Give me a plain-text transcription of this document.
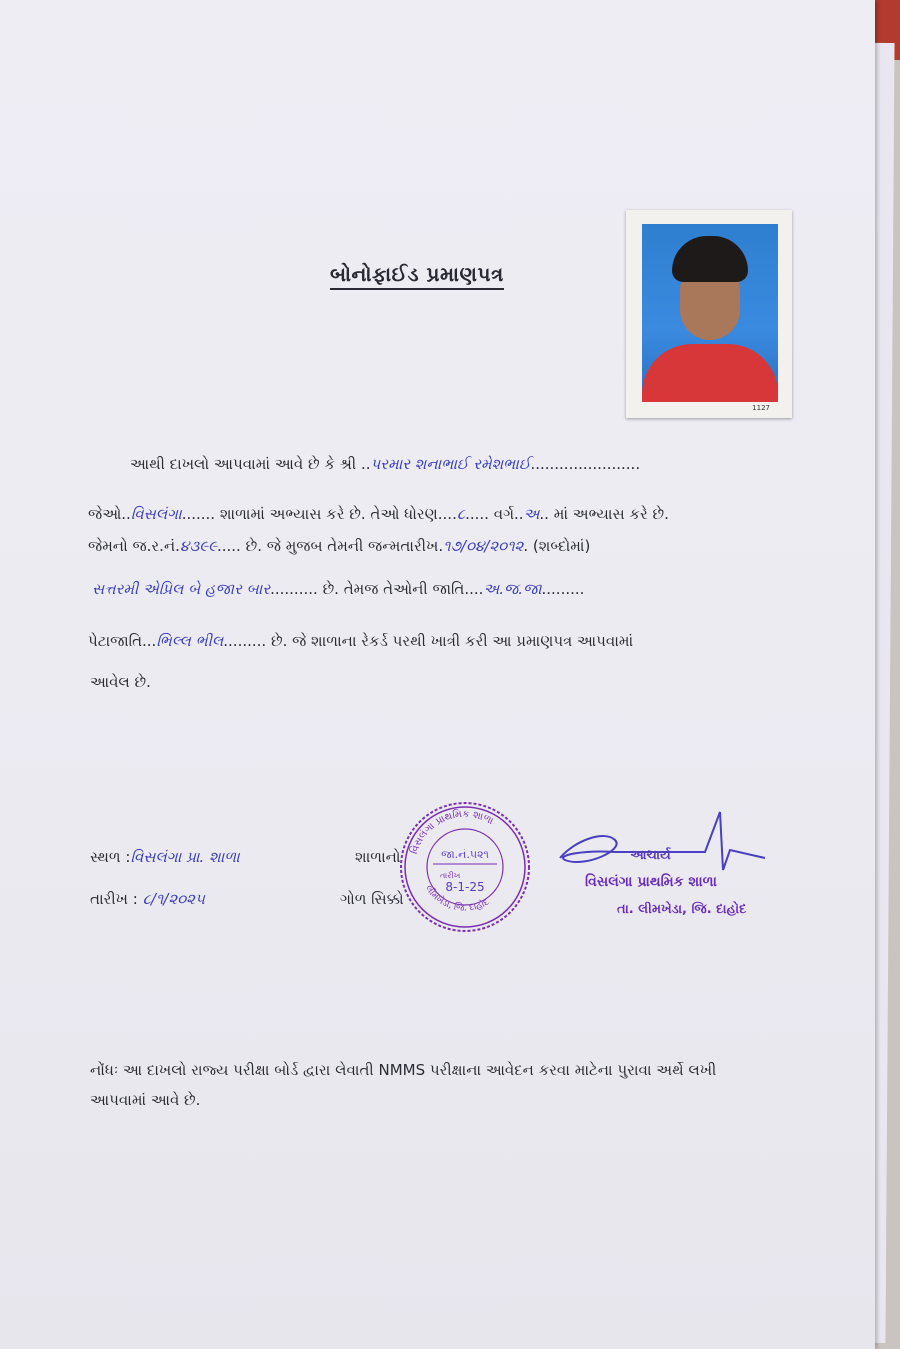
બોનોફાઈડ પ્રમાણપત્ર
1127
આથી દાખલો આપવામાં આવે છે કે શ્રી ..પરમાર શનાભાઈ રમેશભાઈ.......................
જેઓ..વિસલંગા....... શાળામાં અભ્યાસ કરે છે. તેઓ ધોરણ....૮..... વર્ગ..અ.. માં અભ્યાસ કરે છે.
જેમનો જ.ર.નં.૪૩૯૯..... છે. જે મુજબ તેમની જન્મતારીખ.૧૭/૦૪/૨૦૧૨. (શબ્દોમાં)
સત્તરમી એપ્રિલ બે હજાર બાર.......... છે. તેમજ તેઓની જાતિ....અ.જ.જા.........
પેટાજાતિ...ભિલ્લ ભીલ......... છે. જે શાળાના રેકર્ડ પરથી ખાત્રી કરી આ પ્રમાણપત્ર આપવામાં
આવેલ છે.
સ્થળ :વિસલંગા પ્રા. શાળા
તારીખ : ૮/૧/૨૦૨૫
શાળાનો
ગોળ સિક્કો
વિસલંગા પ્રાથમિક શાળા
લીમખેડા, જિ. દાહોદ
જા.નં.૫૨૧
તારીખ
8-1-25
આચાર્ય
વિસલંગા પ્રાથમિક શાળા
તા. લીમખેડા, જિ. દાહોદ
નોંધઃ આ દાખલો રાજ્ય પરીક્ષા બોર્ડ દ્વારા લેવાતી NMMS પરીક્ષાના આવેદન કરવા માટેના પુરાવા અર્થે લખી આપવામાં આવે છે.
